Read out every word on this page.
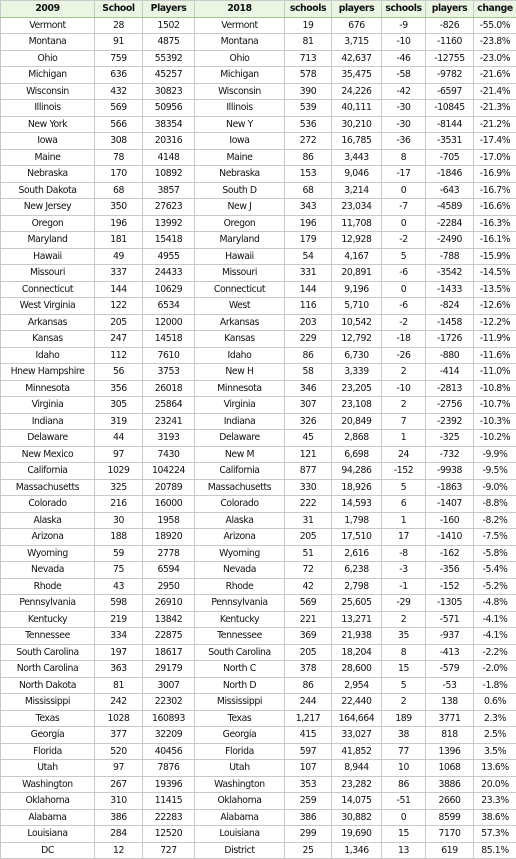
2009	School	Players	2018	schools	players	schools	players	change
Vermont	28	1502	Vermont	19	676	-9	-826	-55.0%
Montana	91	4875	Montana	81	3,715	-10	-1160	-23.8%
Ohio	759	55392	Ohio	713	42,637	-46	-12755	-23.0%
Michigan	636	45257	Michigan	578	35,475	-58	-9782	-21.6%
Wisconsin	432	30823	Wisconsin	390	24,226	-42	-6597	-21.4%
Illinois	569	50956	Illinois	539	40,111	-30	-10845	-21.3%
New York	566	38354	New Y	536	30,210	-30	-8144	-21.2%
Iowa	308	20316	Iowa	272	16,785	-36	-3531	-17.4%
Maine	78	4148	Maine	86	3,443	8	-705	-17.0%
Nebraska	170	10892	Nebraska	153	9,046	-17	-1846	-16.9%
South Dakota	68	3857	South D	68	3,214	0	-643	-16.7%
New Jersey	350	27623	New J	343	23,034	-7	-4589	-16.6%
Oregon	196	13992	Oregon	196	11,708	0	-2284	-16.3%
Maryland	181	15418	Maryland	179	12,928	-2	-2490	-16.1%
Hawaii	49	4955	Hawaii	54	4,167	5	-788	-15.9%
Missouri	337	24433	Missouri	331	20,891	-6	-3542	-14.5%
Connecticut	144	10629	Connecticut	144	9,196	0	-1433	-13.5%
West Virginia	122	6534	West	116	5,710	-6	-824	-12.6%
Arkansas	205	12000	Arkansas	203	10,542	-2	-1458	-12.2%
Kansas	247	14518	Kansas	229	12,792	-18	-1726	-11.9%
Idaho	112	7610	Idaho	86	6,730	-26	-880	-11.6%
Hnew Hampshire	56	3753	New H	58	3,339	2	-414	-11.0%
Minnesota	356	26018	Minnesota	346	23,205	-10	-2813	-10.8%
Virginia	305	25864	Virginia	307	23,108	2	-2756	-10.7%
Indiana	319	23241	Indiana	326	20,849	7	-2392	-10.3%
Delaware	44	3193	Delaware	45	2,868	1	-325	-10.2%
New Mexico	97	7430	New M	121	6,698	24	-732	-9.9%
California	1029	104224	California	877	94,286	-152	-9938	-9.5%
Massachusetts	325	20789	Massachusetts	330	18,926	5	-1863	-9.0%
Colorado	216	16000	Colorado	222	14,593	6	-1407	-8.8%
Alaska	30	1958	Alaska	31	1,798	1	-160	-8.2%
Arizona	188	18920	Arizona	205	17,510	17	-1410	-7.5%
Wyoming	59	2778	Wyoming	51	2,616	-8	-162	-5.8%
Nevada	75	6594	Nevada	72	6,238	-3	-356	-5.4%
Rhode	43	2950	Rhode	42	2,798	-1	-152	-5.2%
Pennsylvania	598	26910	Pennsylvania	569	25,605	-29	-1305	-4.8%
Kentucky	219	13842	Kentucky	221	13,271	2	-571	-4.1%
Tennessee	334	22875	Tennessee	369	21,938	35	-937	-4.1%
South Carolina	197	18617	South Carolina	205	18,204	8	-413	-2.2%
North Carolina	363	29179	North C	378	28,600	15	-579	-2.0%
North Dakota	81	3007	North D	86	2,954	5	-53	-1.8%
Mississippi	242	22302	Mississippi	244	22,440	2	138	0.6%
Texas	1028	160893	Texas	1,217	164,664	189	3771	2.3%
Georgia	377	32209	Georgia	415	33,027	38	818	2.5%
Florida	520	40456	Florida	597	41,852	77	1396	3.5%
Utah	97	7876	Utah	107	8,944	10	1068	13.6%
Washington	267	19396	Washington	353	23,282	86	3886	20.0%
Oklahoma	310	11415	Oklahoma	259	14,075	-51	2660	23.3%
Alabama	386	22283	Alabama	386	30,882	0	8599	38.6%
Louisiana	284	12520	Louisiana	299	19,690	15	7170	57.3%
DC	12	727	District	25	1,346	13	619	85.1%
